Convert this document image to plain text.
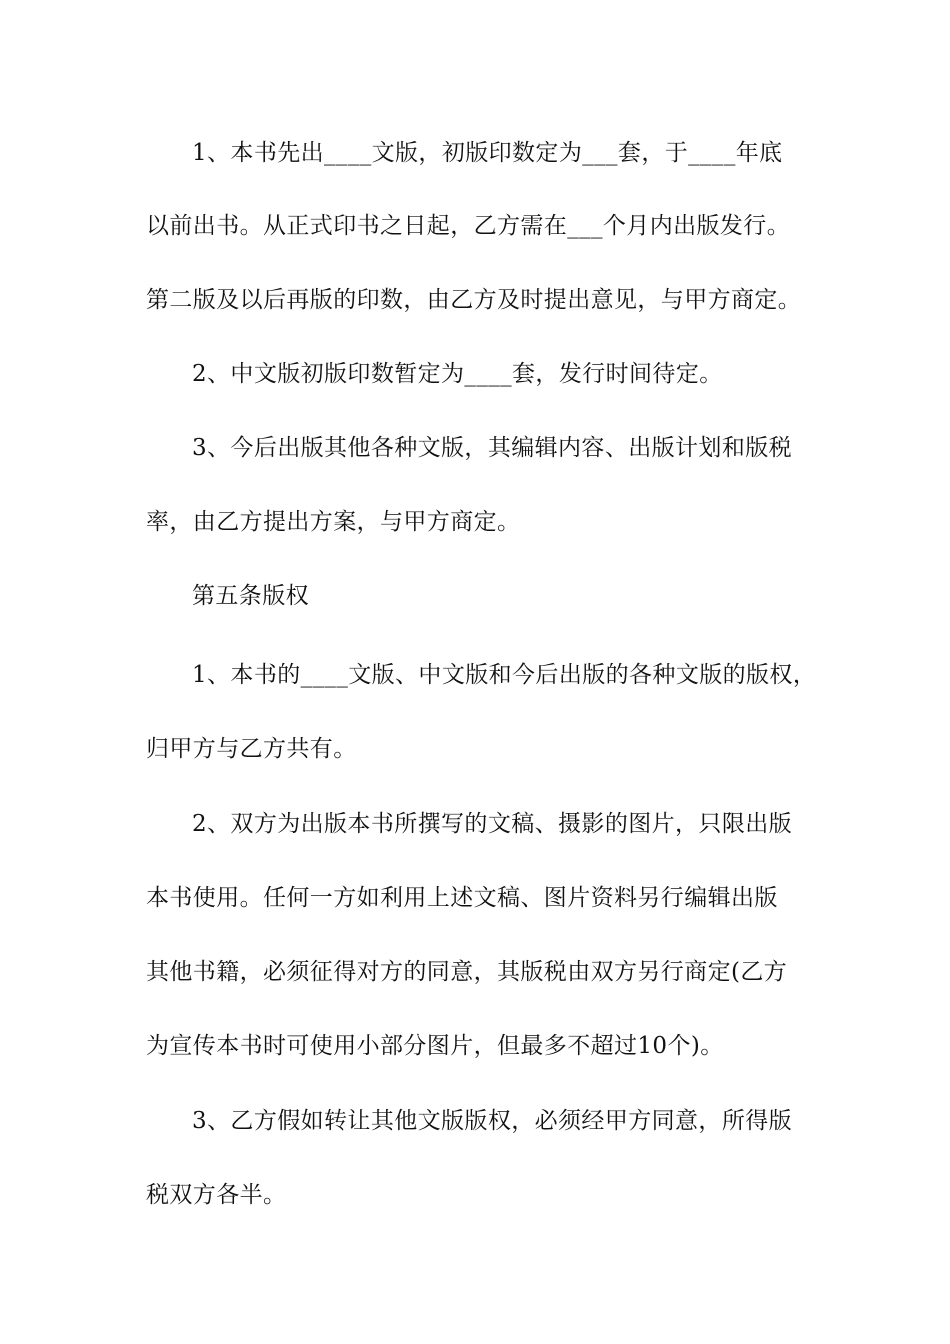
1、本书先出____文版，初版印数定为___套，于____年底
以前出书。从正式印书之日起，乙方需在___个月内出版发行。
第二版及以后再版的印数，由乙方及时提出意见，与甲方商定。
2、中文版初版印数暂定为____套，发行时间待定。
3、今后出版其他各种文版，其编辑内容、出版计划和版税
率，由乙方提出方案，与甲方商定。
第五条版权
1、本书的____文版、中文版和今后出版的各种文版的版权，
归甲方与乙方共有。
2、双方为出版本书所撰写的文稿、摄影的图片，只限出版
本书使用。任何一方如利用上述文稿、图片资料另行编辑出版
其他书籍，必须征得对方的同意，其版税由双方另行商定(乙方
为宣传本书时可使用小部分图片，但最多不超过10个)。
3、乙方假如转让其他文版版权，必须经甲方同意，所得版
税双方各半。
